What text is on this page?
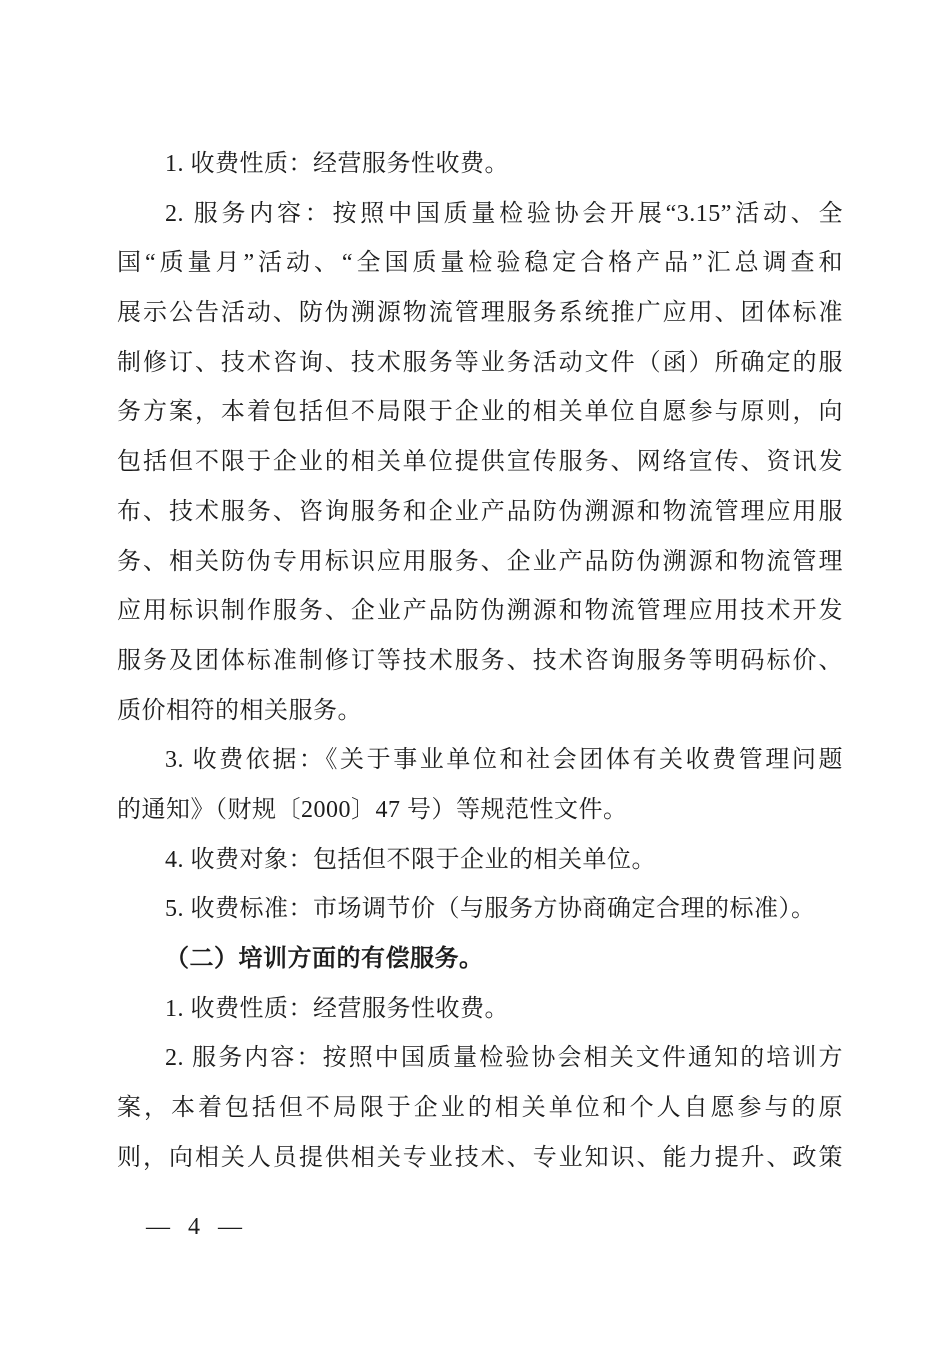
1. 收费性质：经营服务性收费。
2. 服务内容：按照中国质量检验协会开展“3.15”活动、全
国“质量月”活动、“全国质量检验稳定合格产品”汇总调查和
展示公告活动、防伪溯源物流管理服务系统推广应用、团体标准
制修订、技术咨询、技术服务等业务活动文件（函）所确定的服
务方案，本着包括但不局限于企业的相关单位自愿参与原则，向
包括但不限于企业的相关单位提供宣传服务、网络宣传、资讯发
布、技术服务、咨询服务和企业产品防伪溯源和物流管理应用服
务、相关防伪专用标识应用服务、企业产品防伪溯源和物流管理
应用标识制作服务、企业产品防伪溯源和物流管理应用技术开发
服务及团体标准制修订等技术服务、技术咨询服务等明码标价、
质价相符的相关服务。
3. 收费依据：《关于事业单位和社会团体有关收费管理问题
的通知》（财规〔2000〕47 号）等规范性文件。
4. 收费对象：包括但不限于企业的相关单位。
5. 收费标准：市场调节价（与服务方协商确定合理的标准）。
（二）培训方面的有偿服务。
1. 收费性质：经营服务性收费。
2. 服务内容：按照中国质量检验协会相关文件通知的培训方
案，本着包括但不局限于企业的相关单位和个人自愿参与的原
则，向相关人员提供相关专业技术、专业知识、能力提升、政策
— 4 —
